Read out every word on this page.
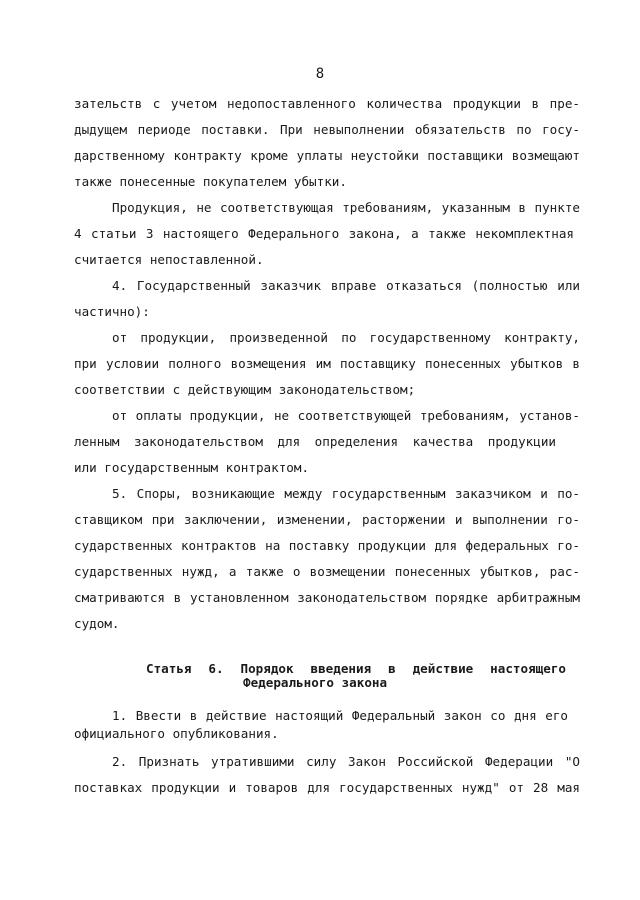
8
зательств с учетом недопоставленного количества продукции в пре-
дыдущем периоде поставки. При невыполнении обязательств по госу-
дарственному контракту кроме уплаты неустойки поставщики возмещают
также понесенные покупателем убытки.
Продукция, не соответствующая требованиям, указанным в пункте
4 статьи 3 настоящего Федерального закона, а также некомплектная
считается непоставленной.
4. Государственный заказчик вправе отказаться (полностью или
частично):
от продукции, произведенной по государственному контракту,
при условии полного возмещения им поставщику понесенных убытков в
соответствии с действующим законодательством;
от оплаты продукции, не соответствующей требованиям, установ-
ленным законодательством для определения качества продукции
или государственным контрактом.
5. Споры, возникающие между государственным заказчиком и по-
ставщиком при заключении, изменении, расторжении и выполнении го-
сударственных контрактов на поставку продукции для федеральных го-
сударственных нужд, а также о возмещении понесенных убытков, рас-
сматриваются в установленном законодательством порядке арбитражным
судом.
Статья 6. Порядок введения в действие настоящего
Федерального закона
1. Ввести в действие настоящий Федеральный закон со дня его
официального опубликования.
2. Признать утратившими силу Закон Российской Федерации "О
поставках продукции и товаров для государственных нужд" от 28 мая
